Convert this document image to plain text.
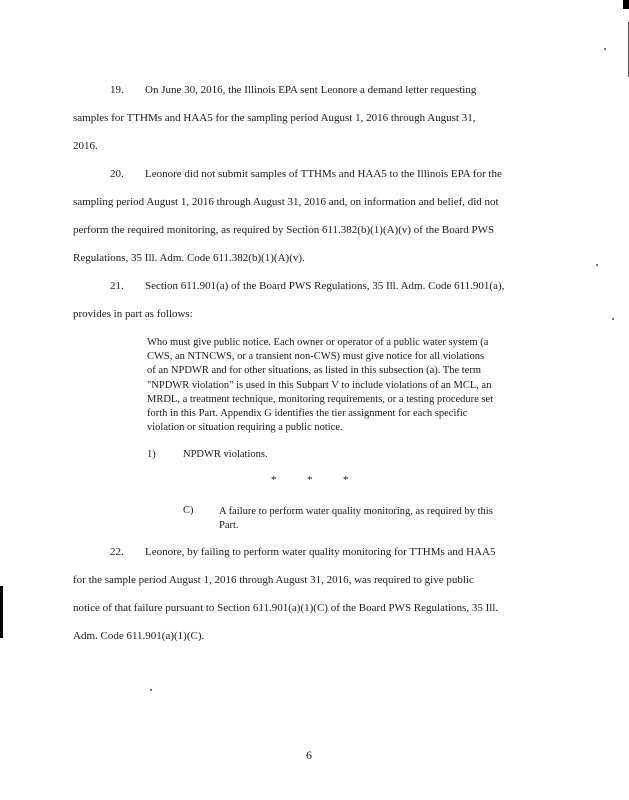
19. On June 30, 2016, the Illinois EPA sent Leonore a demand letter requesting
samples for TTHMs and HAA5 for the sampling period August 1, 2016 through August 31,
2016.
20. Leonore did not submit samples of TTHMs and HAA5 to the Illinois EPA for the
sampling period August 1, 2016 through August 31, 2016 and, on information and belief, did not
perform the required monitoring, as required by Section 611.382(b)(1)(A)(v) of the Board PWS
Regulations, 35 Ill. Adm. Code 611.382(b)(1)(A)(v).
21. Section 611.901(a) of the Board PWS Regulations, 35 Ill. Adm. Code 611.901(a),
provides in part as follows:
Who must give public notice. Each owner or operator of a public water system (a
CWS, an NTNCWS, or a transient non-CWS) must give notice for all violations
of an NPDWR and for other situations, as listed in this subsection (a). The term
"NPDWR violation" is used in this Subpart V to include violations of an MCL, an
MRDL, a treatment technique, monitoring requirements, or a testing procedure set
forth in this Part. Appendix G identifies the tier assignment for each specific
violation or situation requiring a public notice.
1)	NPDWR violations.
*	*	*
C) A failure to perform water quality monitoring, as required by this
Part.
22. Leonore, by failing to perform water quality monitoring for TTHMs and HAA5
for the sample period August 1, 2016 through August 31, 2016, was required to give public
notice of that failure pursuant to Section 611.901(a)(1)(C) of the Board PWS Regulations, 35 Ill.
Adm. Code 611.901(a)(1)(C).
6
